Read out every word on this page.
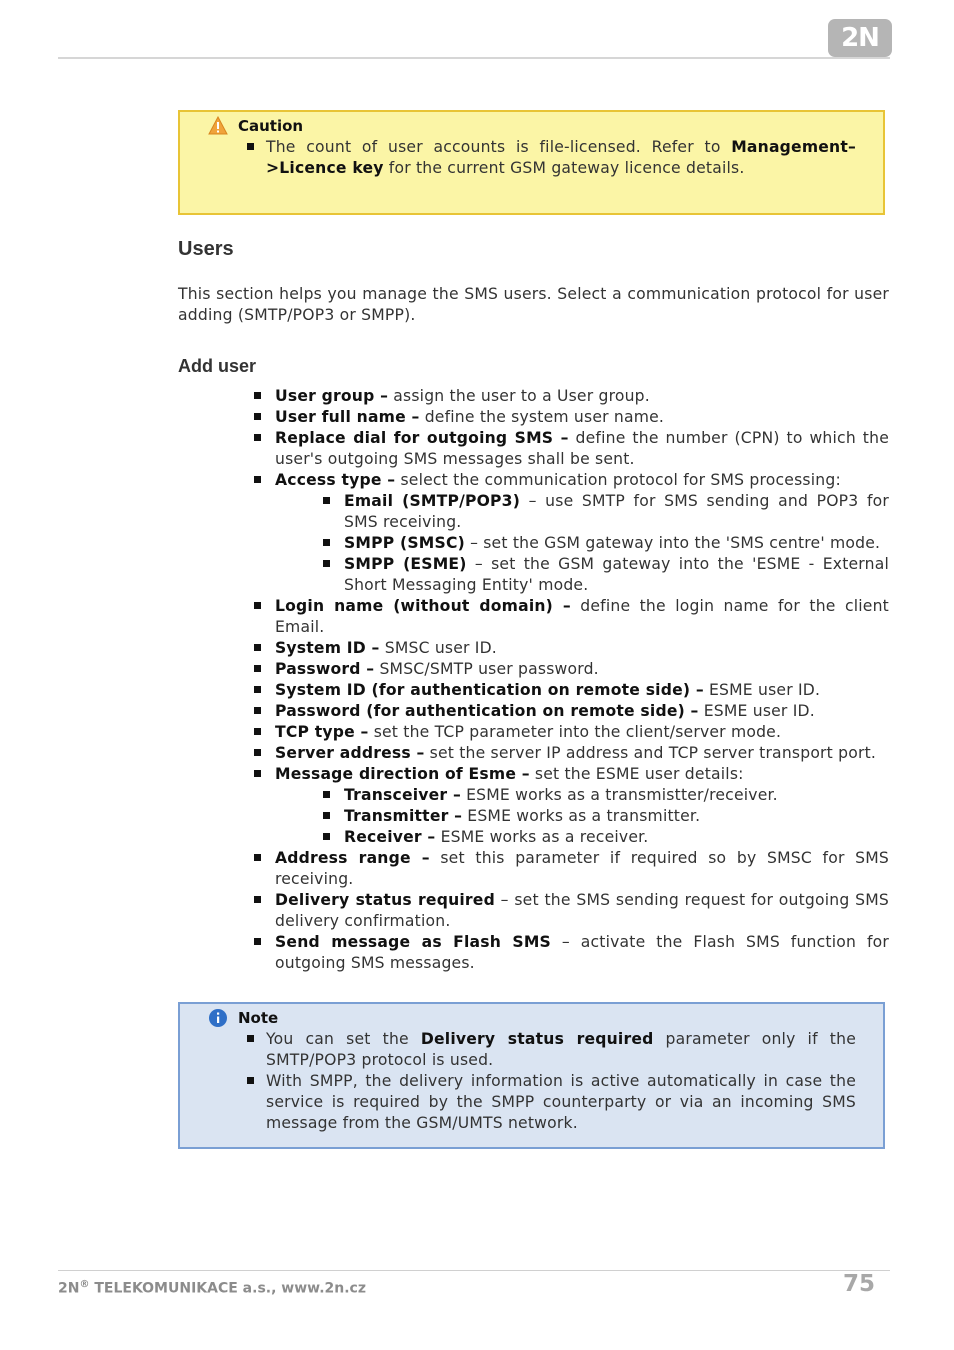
2N
Caution
The count of user accounts is file-licensed. Refer to Management–>Licence key for the current GSM gateway licence details.
Users

This section helps you manage the SMS users. Select a communication protocol for user adding (SMTP/POP3 or SMPP).

Add user
User group – assign the user to a User group.
User full name – define the system user name.
Replace dial for outgoing SMS – define the number (CPN) to which the user's outgoing SMS messages shall be sent.
Access type – select the communication protocol for SMS processing:
Email (SMTP/POP3) – use SMTP for SMS sending and POP3 for SMS receiving.
SMPP (SMSC) – set the GSM gateway into the 'SMS centre' mode.
SMPP (ESME) – set the GSM gateway into the 'ESME - External Short Messaging Entity' mode.
Login name (without domain) – define the login name for the client Email.
System ID – SMSC user ID.
Password – SMSC/SMTP user password.
System ID (for authentication on remote side) – ESME user ID.
Password (for authentication on remote side) – ESME user ID.
TCP type – set the TCP parameter into the client/server mode.
Server address – set the server IP address and TCP server transport port.
Message direction of Esme – set the ESME user details:
Transceiver – ESME works as a transmistter/receiver.
Transmitter – ESME works as a transmitter.
Receiver – ESME works as a receiver.
Address range – set this parameter if required so by SMSC for SMS receiving.
Delivery status required – set the SMS sending request for outgoing SMS delivery confirmation.
Send message as Flash SMS – activate the Flash SMS function for outgoing SMS messages.
Note
You can set the Delivery status required parameter only if the SMTP/POP3 protocol is used.
With SMPP, the delivery information is active automatically in case the service is required by the SMPP counterparty or via an incoming SMS message from the GSM/UMTS network.
2N® TELEKOMUNIKACE a.s., www.2n.cz	75
